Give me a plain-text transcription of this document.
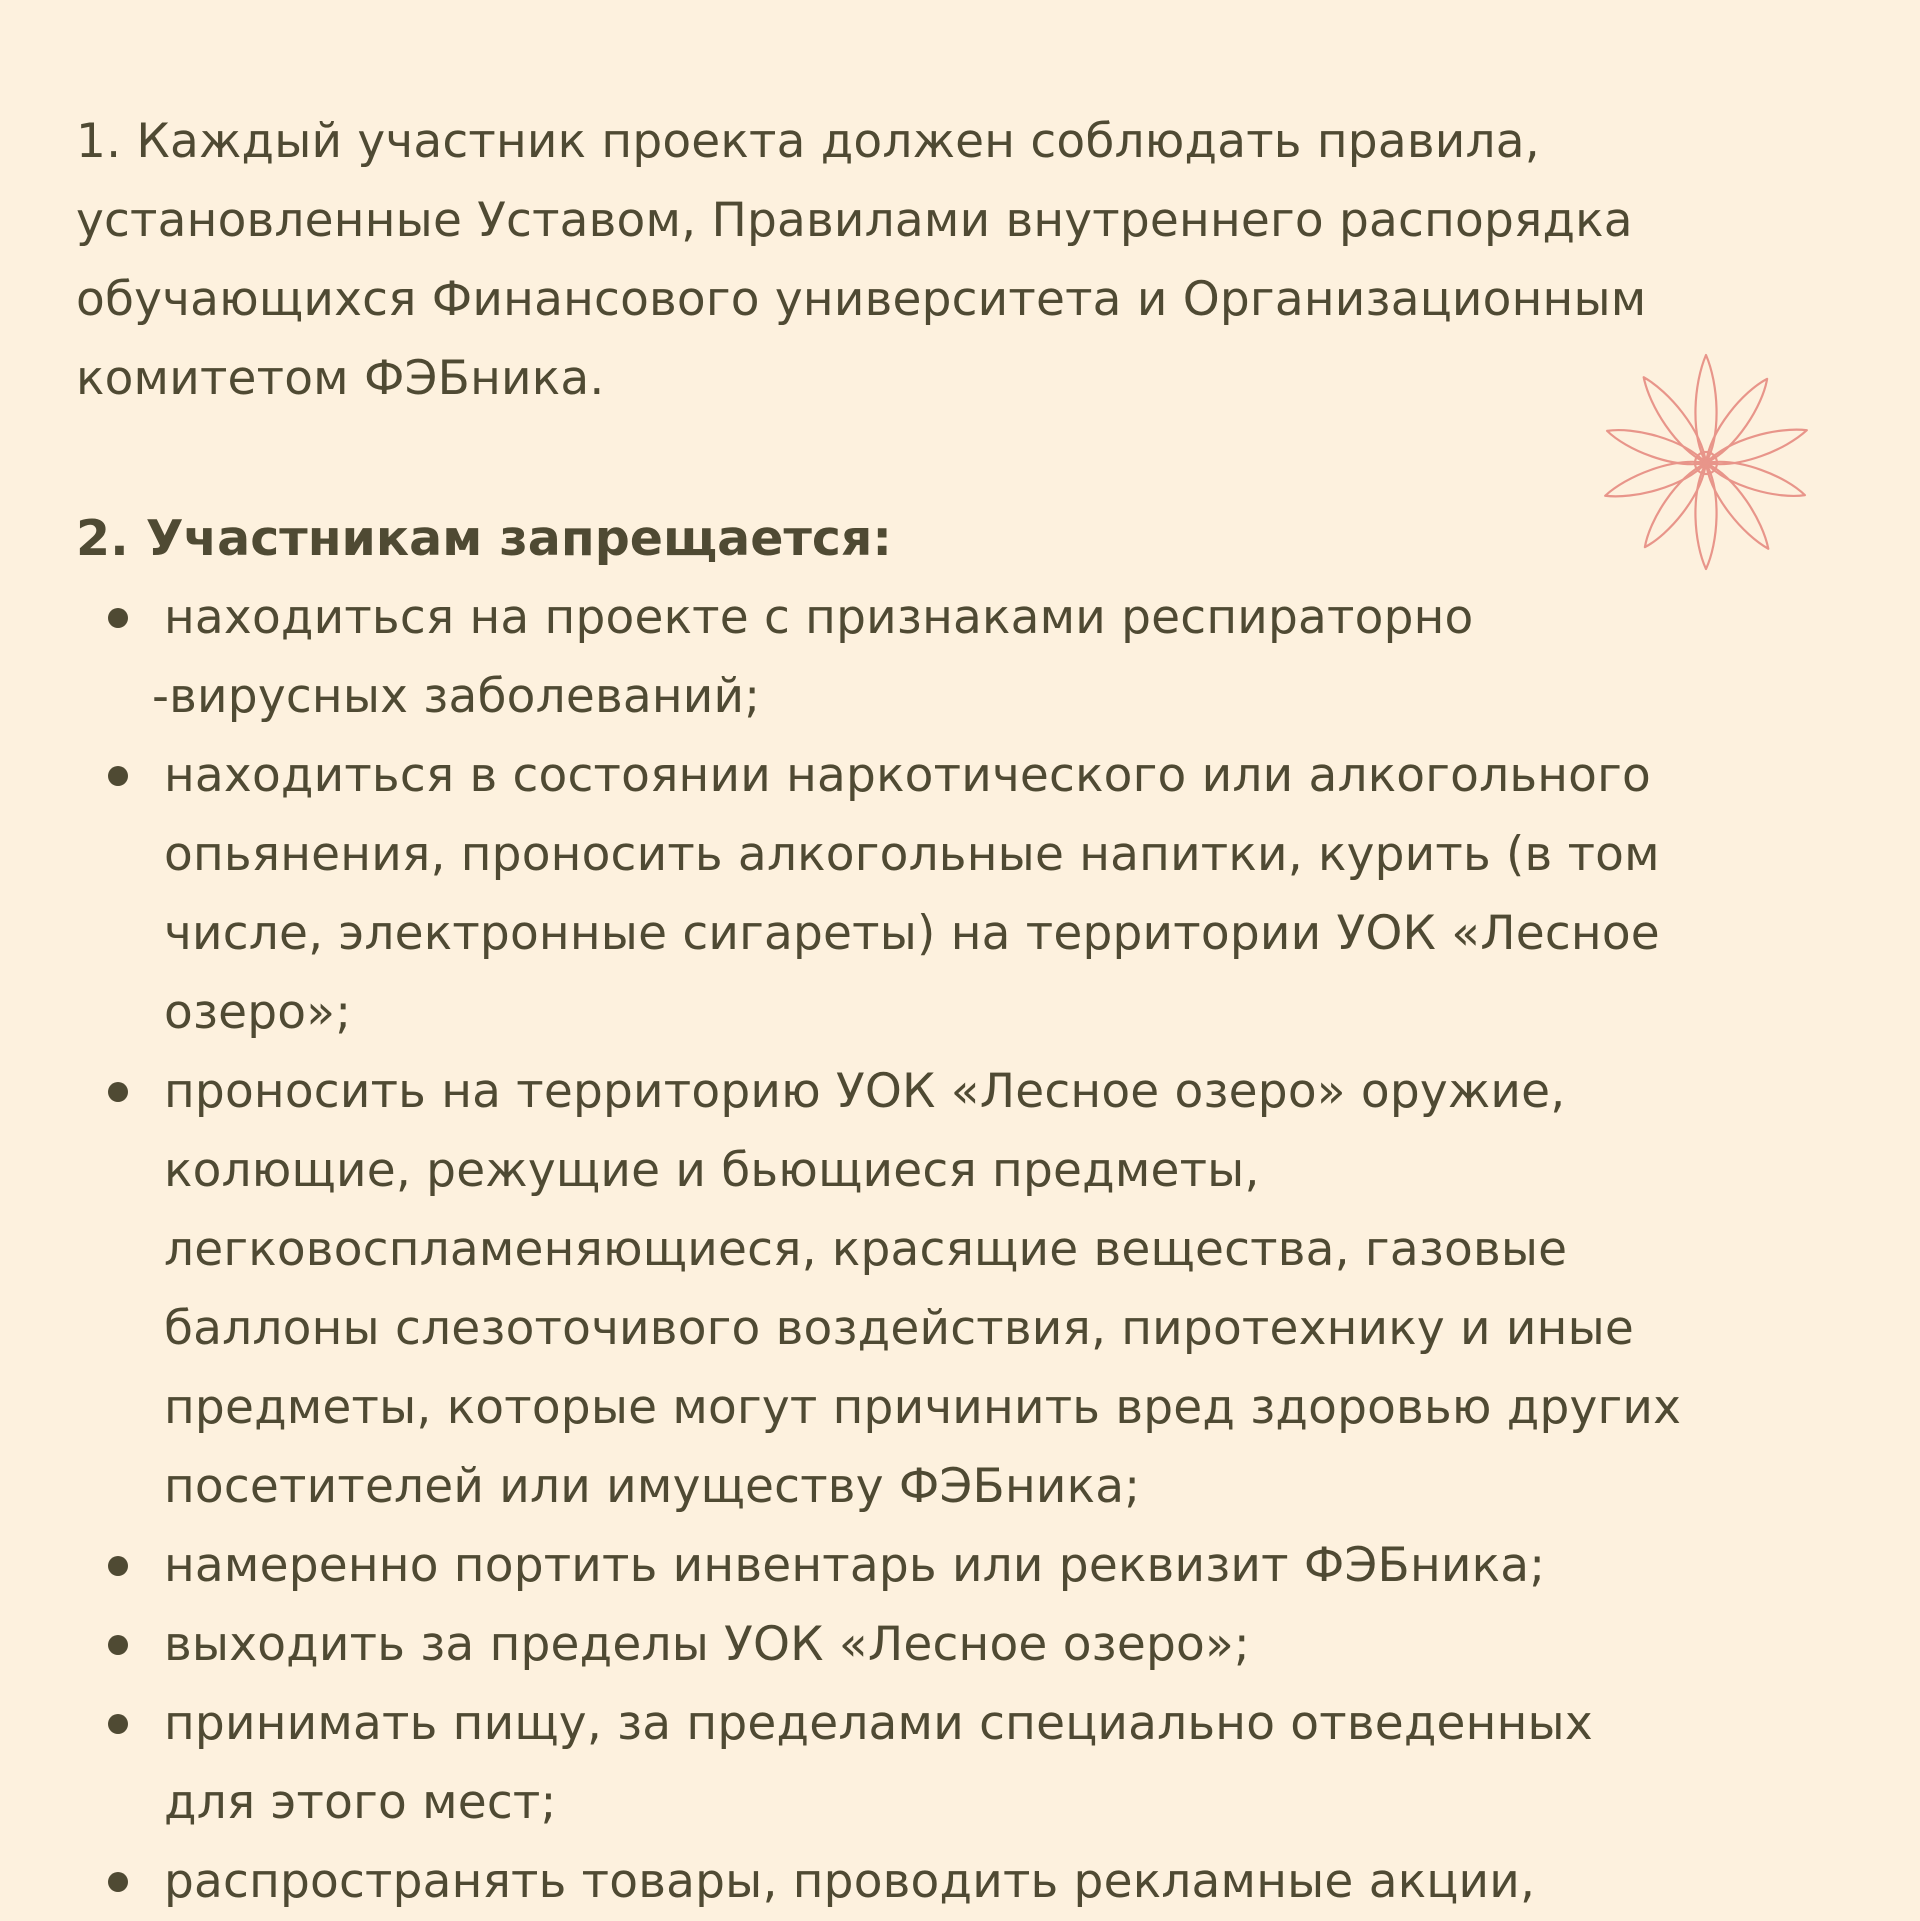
1. Каждый участник проекта должен соблюдать правила,
установленные Уставом, Правилами внутреннего распорядка
обучающихся Финансового университета и Организационным
комитетом ФЭБника.

2. Участникам запрещается:
находиться на проекте с признаками респираторно
-вирусных заболеваний;
находиться в состоянии наркотического или алкогольного
опьянения, проносить алкогольные напитки, курить (в том
числе, электронные сигареты) на территории УОК «Лесное
озеро»;
проносить на территорию УОК «Лесное озеро» оружие,
колющие, режущие и бьющиеся предметы,
легковоспламеняющиеся, красящие вещества, газовые
баллоны слезоточивого воздействия, пиротехнику и иные
предметы, которые могут причинить вред здоровью других
посетителей или имуществу ФЭБника;
намеренно портить инвентарь или реквизит ФЭБника;
выходить за пределы УОК «Лесное озеро»;
принимать пищу, за пределами специально отведенных
для этого мест;
распространять товары, проводить рекламные акции,
